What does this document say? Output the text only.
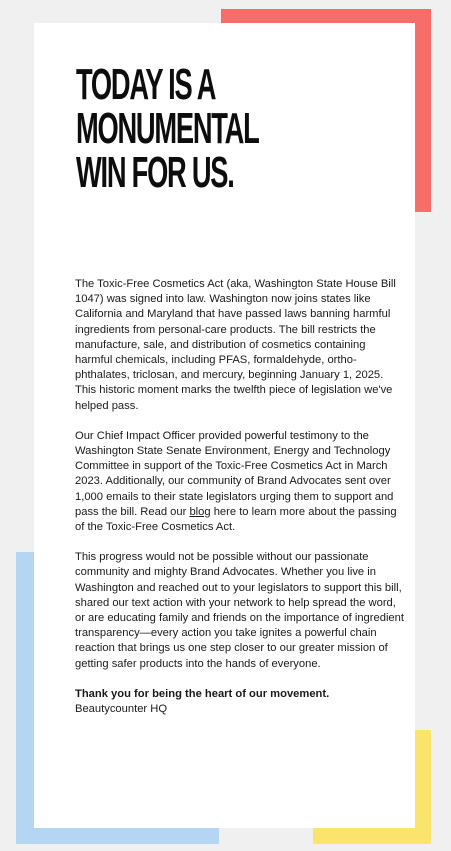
TODAY IS A
MONUMENTAL
WIN FOR US.

The Toxic-Free Cosmetics Act (aka, Washington State House Bill 1047) was signed into law. Washington now joins states like California and Maryland that have passed laws banning harmful ingredients from personal-care products. The bill restricts the manufacture, sale, and distribution of cosmetics containing harmful chemicals, including PFAS, formaldehyde, ortho-phthalates, triclosan, and mercury, beginning January 1, 2025. This historic moment marks the twelfth piece of legislation we've helped pass.

Our Chief Impact Officer provided powerful testimony to the Washington State Senate Environment, Energy and Technology Committee in support of the Toxic-Free Cosmetics Act in March 2023. Additionally, our community of Brand Advocates sent over 1,000 emails to their state legislators urging them to support and pass the bill. Read our blog here to learn more about the passing of the Toxic-Free Cosmetics Act.

This progress would not be possible without our passionate community and mighty Brand Advocates. Whether you live in Washington and reached out to your legislators to support this bill, shared our text action with your network to help spread the word, or are educating family and friends on the importance of ingredient transparency—every action you take ignites a powerful chain reaction that brings us one step closer to our greater mission of getting safer products into the hands of everyone.

Thank you for being the heart of our movement.
Beautycounter HQ
